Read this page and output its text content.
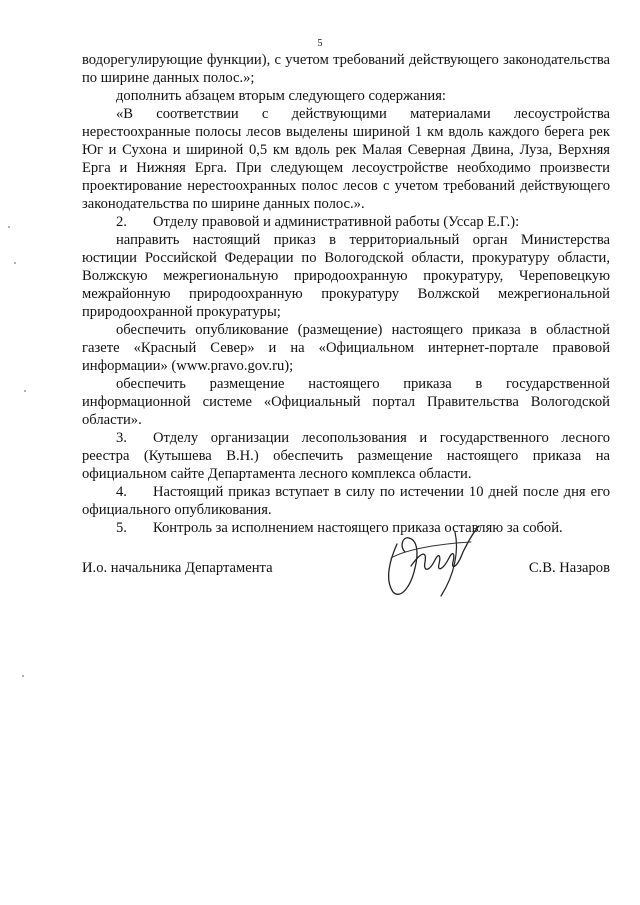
5

водорегулирующие функции), с учетом требований действующего законодательства по ширине данных полос.»;

дополнить абзацем вторым следующего содержания:

«В соответствии с действующими материалами лесоустройства нерестоохранные полосы лесов выделены шириной 1 км вдоль каждого берега рек Юг и Сухона и шириной 0,5 км вдоль рек Малая Северная Двина, Луза, Верхняя Ерга и Нижняя Ерга. При следующем лесоустройстве необходимо произвести проектирование нерестоохранных полос лесов с учетом требований действующего законодательства по ширине данных полос.».

2. Отделу правовой и административной работы (Уссар Е.Г.):

направить настоящий приказ в территориальный орган Министерства юстиции Российской Федерации по Вологодской области, прокуратуру области, Волжскую межрегиональную природоохранную прокуратуру, Череповецкую межрайонную природоохранную прокуратуру Волжской межрегиональной природоохранной прокуратуры;

обеспечить опубликование (размещение) настоящего приказа в областной газете «Красный Север» и на «Официальном интернет-портале правовой информации» (www.pravo.gov.ru);

обеспечить размещение настоящего приказа в государственной информационной системе «Официальный портал Правительства Вологодской области».

3. Отделу организации лесопользования и государственного лесного реестра (Кутышева В.Н.) обеспечить размещение настоящего приказа на официальном сайте Департамента лесного комплекса области.

4. Настоящий приказ вступает в силу по истечении 10 дней после дня его официального опубликования.

5. Контроль за исполнением настоящего приказа оставляю за собой.

И.о. начальника Департамента	С.В. Назаров
